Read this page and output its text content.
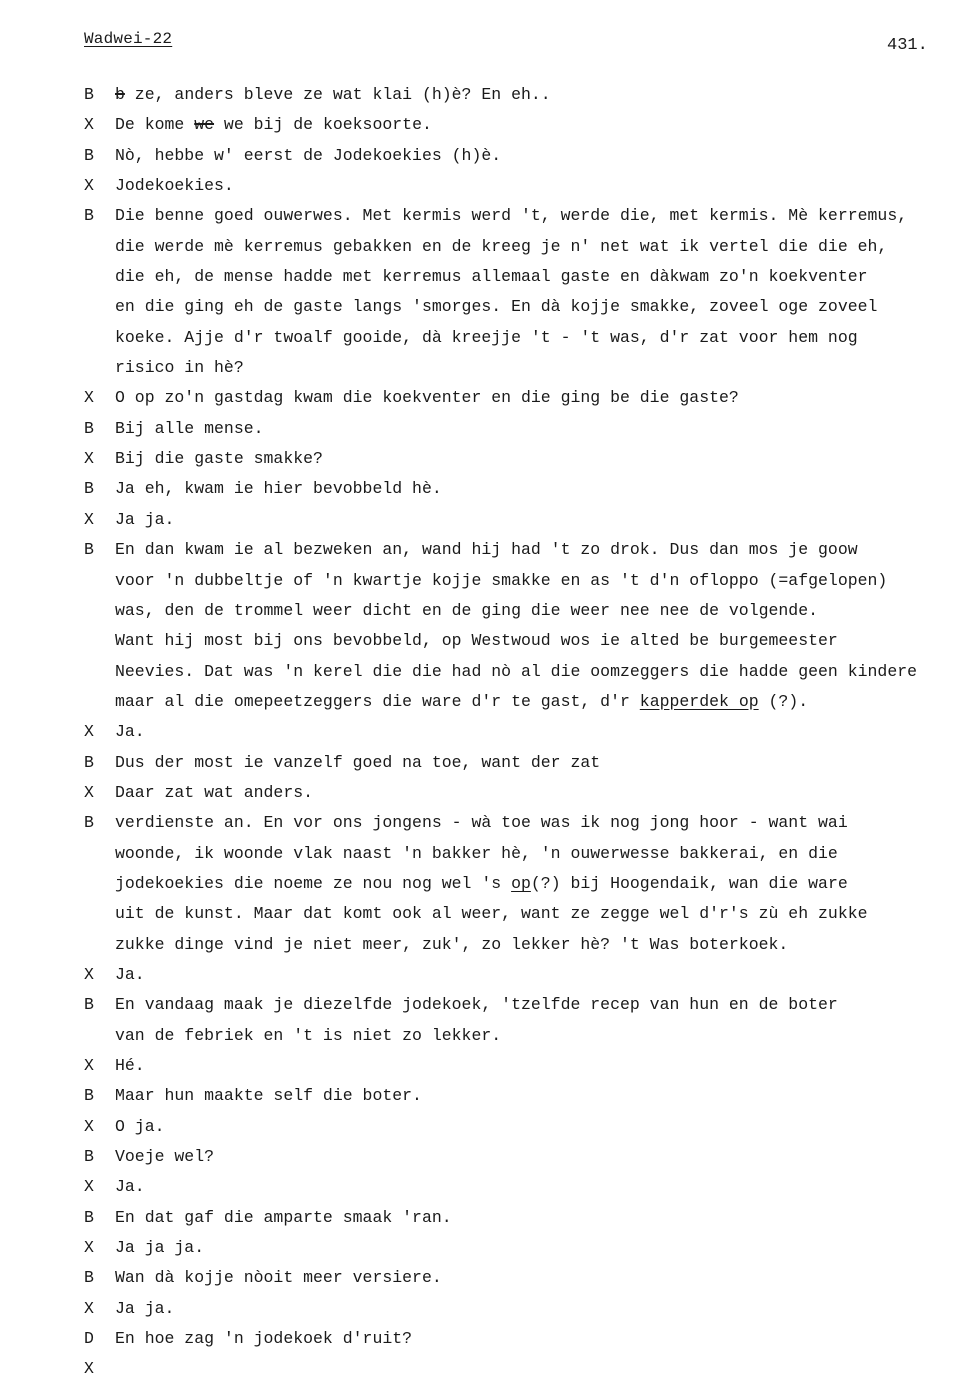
Wadwei-22	431.
B	b ze, anders bleve ze wat klai (h)è? En eh..
X	De kome we we bij de koeksoorte.
B	Nò, hebbe w' eerst de Jodekoekies (h)è.
X	Jodekoekies.
B	Die benne goed ouwerwes. Met kermis werd 't, werde die, met kermis. Mè kerremus,
die werde mè kerremus gebakken en de kreeg je n' net wat ik vertel die die eh,
die eh, de mense hadde met kerremus allemaal gaste en dàkwam zo'n koekventer
en die ging eh de gaste langs 'smorges. En dà kojje smakke, zoveel oge zoveel
koeke. Ajje d'r twoalf gooide, dà kreejje 't - 't was, d'r zat voor hem nog
risico in hè?
X	O op zo'n gastdag kwam die koekventer en die ging be die gaste?
B	Bij alle mense.
X	Bij die gaste smakke?
B	Ja eh, kwam ie hier bevobbeld hè.
X	Ja ja.
B	En dan kwam ie al bezweken an, wand hij had 't zo drok. Dus dan mos je goow
voor 'n dubbeltje of 'n kwartje kojje smakke en as 't d'n ofloppo (=afgelopen)
was, den de trommel weer dicht en de ging die weer nee nee de volgende.
Want hij most bij ons bevobbeld, op Westwoud wos ie alted be burgemeester
Neevies. Dat was 'n kerel die die had nò al die oomzeggers die hadde geen kindere
maar al die omepeetzeggers die ware d'r te gast, d'r kapperdek op (?).
X	Ja.
B	Dus der most ie vanzelf goed na toe, want der zat
X	Daar zat wat anders.
B	verdienste an. En vor ons jongens - wà toe was ik nog jong hoor - want wai
woonde, ik woonde vlak naast 'n bakker hè, 'n ouwerwesse bakkerai, en die
jodekoekies die noeme ze nou nog wel 's op(?) bij Hoogendaik, wan die ware
uit de kunst. Maar dat komt ook al weer, want ze zegge wel d'r's zù eh zukke
zukke dinge vind je niet meer, zuk', zo lekker hè? 't Was boterkoek.
X	Ja.
B	En vandaag maak je diezelfde jodekoek, 'tzelfde recep van hun en de boter
van de febriek en 't is niet zo lekker.
X	Hé.
B	Maar hun maakte self die boter.
X	O ja.
B	Voeje wel?
X	Ja.
B	En dat gaf die amparte smaak 'ran.
X	Ja ja ja.
B	Wan dà kojje nòoit meer versiere.
X	Ja ja.
D	En hoe zag 'n jodekoek d'ruit?
X
